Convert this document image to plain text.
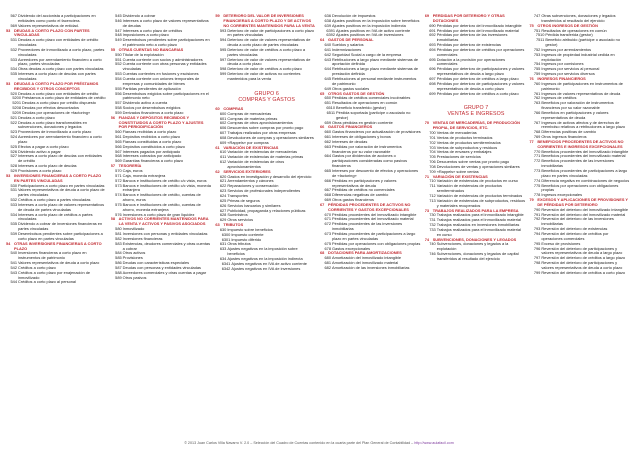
567 Dividendo del accionista a participaciones en entidades como punto el facenciera.
569 Valores representativos de entidad.
53 DEUDAS A CORTO PLAZO CON PARTES VINCULADAS
531 Deudas a corto plazo con entidades de crédito vinculadas
532 Proveedores de inmovilizado a corto plazo, partes vinculadas
533 Acreedores por arrendamiento financiero a corto plazo, partes vinculadas
534 Otras deudas a corto plazo con partes vinculadas
535 Intereses a corto plazo de deudas con partes vinculadas
53 DEUDAS A CORTO PLAZO POR PRÉSTAMOS RECIBIDOS Y OTROS CONCEPTOS
520 Deudas a corto plazo con entidades de crédito
5200 Préstamos a corto plazo de entidades de crédito
5201 Deudas a corto plazo por crédito dispuesto
5208 Deudas por efectos descontados
5209 Deudas por operaciones de «factoring»
521 Deudas a corto plazo
522 Deudas a corto plazo transformables en subvenciones, donaciones y legados
523 Proveedores de inmovilizado a corto plazo
524 Acreedores por arrendamiento financiero a corto plazo
525 Efectos a pagar a corto plazo
526 Dividendo activo a pagar
527 Intereses a corto plazo de deudas con entidades de crédito
528 Intereses a corto plazo de deudas
529 Provisiones a corto plazo
53 INVERSIONES FINANCIERAS A CORTO PLAZO EN PARTES VINCULADAS
530 Participaciones a corto plazo en partes vinculadas
531 Valores representativos de deuda a corto plazo de partes vinculadas
532 Créditos a corto plazo a partes vinculadas
533 Intereses a corto plazo de valores representativos de deuda de partes vinculadas
534 Intereses a corto plazo de créditos a partes vinculadas
535 Dividendo a cobrar de inversiones financieras en partes vinculadas
539 Desembolsos pendientes sobre participaciones a corto plazo en partes vinculadas
54 OTRAS INVERSIONES FINANCIERAS A CORTO PLAZO
540 Inversiones financieras a corto plazo en instrumentos de patrimonio
541 Valores representativos de deuda a corto plazo
542 Créditos a corto plazo
543 Créditos a corto plazo por enajenación de inmovilizado
544 Créditos a corto plazo al personal
545 Dividendo a cobrar
546 Intereses a corto plazo de valores representativos de deudas
547 Intereses a corto plazo de créditos
548 Imposiciones a corto plazo
549 Desembolsos pendientes sobre participaciones en el patrimonio neto a corto plazo
55 OTRAS CUENTAS NO BANCARIAS
550 Titular de la explotación
551 Cuenta corriente con socios y administradores
552 Cuenta corriente con otras personas y entidades vinculadas
553 Cuentas corrientes en fusiones y escisiones
554 Cuenta corriente con uniones temporales de empresas y comunidades de bienes
555 Partidas pendientes de aplicación
556 Desembolsos exigidos sobre participaciones en el patrimonio neto
557 Dividendo activo a cuenta
558 Socios por desembolsos exigidos
559 Derivados financieros a corto plazo
56 FIANZAS Y DEPÓSITOS RECIBIDOS Y CONSTITUIDOS A CORTO PLAZO Y AJUSTES POR PERIODIFICACIÓN
560 Fianzas recibidas a corto plazo
561 Depósitos recibidos a corto plazo
565 Fianzas constituidas a corto plazo
566 Depósitos constituidos a corto plazo
567 Intereses pagados por anticipado
568 Intereses cobrados por anticipado
569 Garantías financieras a corto plazo
57 TESORERÍA
570 Caja, euros
571 Caja, moneda extranjera
572 Bancos e instituciones de crédito c/c vista, euros
573 Bancos e instituciones de crédito c/c vista, moneda extranjera
574 Bancos e instituciones de crédito, cuentas de ahorro, euros
575 Bancos e instituciones de crédito, cuentas de ahorro, moneda extranjera
576 Inversiones a corto plazo de gran liquidez
58 ACTIVOS NO CORRIENTES MANTENIDOS PARA LA VENTA Y ACTIVOS Y PASIVOS ASOCIADOS
580 Inmovilizado
581 Inversiones con personas y entidades vinculadas
582 Inversiones financieras
583 Existencias, deudores comerciales y otras cuentas a cobrar
584 Otros activos
585 Provisiones
586 Deudas con características especiales
587 Deudas con personas y entidades vinculadas
588 Acreedores comerciales y otras cuentas a pagar
589 Otros pasivos
59 DETERIORO DEL VALOR DE INVERSIONES FINANCIERAS A CORTO PLAZO Y DE ACTIVOS NO CORRIENTES MANTENIDOS PARA LA VENTA
593 Deterioro de valor de participaciones a corto plazo en partes vinculadas
594 Deterioro de valor de valores representativos de deuda a corto plazo de partes vinculadas
595 Deterioro de valor de créditos a corto plazo a partes vinculadas
597 Deterioro de valor de valores representativos de deuda a corto plazo
598 Deterioro de valor de créditos a corto plazo
599 Deterioro de valor de activos no corrientes mantenidos para la venta
GRUPO 6
COMPRAS Y GASTOS
60 COMPRAS
600 Compras de mercaderías
601 Compras de materias primas
602 Compras de otros aprovisionamientos
606 Descuentos sobre compras por pronto pago
607 Trabajos realizados por otras empresas
608 Devoluciones de compras y operaciones similares
609 «Rappels» por compras
61 VARIACIÓN DE EXISTENCIAS
610 Variación de existencias de mercaderías
611 Variación de existencias de materias primas
612 Variación de existencias de otros aprovisionamientos
62 SERVICIOS EXTERIORES
620 Gastos en investigación y desarrollo del ejercicio
621 Arrendamientos y cánones
622 Reparaciones y conservación
623 Servicios de profesionales independientes
624 Transportes
625 Primas de seguros
626 Servicios bancarios y similares
627 Publicidad, propaganda y relaciones públicas
628 Suministros
629 Otros servicios
63 TRIBUTOS
630 Impuesto sobre beneficios
6300 Impuesto corriente
6301 Impuesto diferido
631 Otros tributos
633 Ajustes negativos en la imposición sobre beneficios
634 Ajustes negativos en la imposición indirecta
6341 Ajustes negativos en IVA de activo corriente
6342 Ajustes negativos en IVA de inversiones
636 Devolución de impuestos
638 Ajustes positivos en la imposición sobre beneficios
639 Ajustes positivos en la imposición indirecta
6391 Ajustes positivos en IVA de activo corriente
6392 Ajustes positivos en IVA de inversiones
64 GASTOS DE PERSONAL
640 Sueldos y salarios
641 Indemnizaciones
642 Seguridad Social a cargo de la empresa
643 Retribuciones a largo plazo mediante sistemas de aportación definida
644 Retribuciones a largo plazo mediante sistemas de prestación definida
645 Retribuciones al personal mediante instrumentos de patrimonio
649 Otros gastos sociales
65 OTROS GASTOS DE GESTIÓN
650 Pérdidas de créditos comerciales incobrables
651 Resultados de operaciones en común
6510 Beneficio transferido (gestor)
6511 Pérdida soportada (partícipe o asociado no gestor)
659 Otras pérdidas en gestión corriente
66 GASTOS FINANCIEROS
660 Gastos financieros por actualización de provisiones
661 Intereses de obligaciones y bonos
662 Intereses de deudas
663 Pérdidas por valoración de instrumentos financieros por su valor razonable
664 Gastos por dividendos de acciones o participaciones consideradas como pasivos financieros
665 Intereses por descuento de efectos y operaciones de «factoring»
666 Pérdidas en participaciones y valores representativos de deuda
667 Pérdidas de créditos no comerciales
668 Diferencias negativas de cambio
669 Otros gastos financieros
67 PÉRDIDAS PROCEDENTES DE ACTIVOS NO CORRIENTES Y GASTOS EXCEPCIONALES
670 Pérdidas procedentes del inmovilizado intangible
671 Pérdidas procedentes del inmovilizado material
672 Pérdidas procedentes de las inversiones inmobiliarias
673 Pérdidas procedentes de participaciones a largo plazo en partes vinculadas
675 Pérdidas por operaciones con obligaciones propias
678 Gastos excepcionales
68 DOTACIONES PARA AMORTIZACIONES
680 Amortización del inmovilizado intangible
681 Amortización del inmovilizado material
682 Amortización de las inversiones inmobiliarias
69 PÉRDIDAS POR DETERIORO Y OTRAS DOTACIONES
690 Pérdidas por deterioro del inmovilizado intangible
691 Pérdidas por deterioro del inmovilizado material
692 Pérdidas por deterioro de las inversiones inmobiliarias
693 Pérdidas por deterioro de existencias
694 Pérdidas por deterioro de créditos por operaciones comerciales
695 Dotación a la provisión por operaciones comerciales
696 Pérdidas por deterioro de participaciones y valores representativos de deuda a largo plazo
697 Pérdidas por deterioro de créditos a largo plazo
698 Pérdidas por deterioro de participaciones y valores representativos de deuda a corto plazo
699 Pérdidas por deterioro de créditos a corto plazo
GRUPO 7
VENTAS E INGRESOS
70 VENTAS DE MERCADERÍAS, DE PRODUCCIÓN PROPIA, DE SERVICIOS, ETC.
700 Ventas de mercaderías
701 Ventas de productos terminados
702 Ventas de productos semiterminados
703 Ventas de subproductos y residuos
704 Ventas de envases y embalajes
705 Prestaciones de servicios
706 Descuentos sobre ventas por pronto pago
708 Devoluciones de ventas y operaciones similares
709 «Rappels» sobre ventas
71 VARIACIÓN DE EXISTENCIAS
710 Variación de existencias de productos en curso
711 Variación de existencias de productos semiterminados
712 Variación de existencias de productos terminados
713 Variación de existencias de subproductos, residuos y materiales recuperados
73 TRABAJOS REALIZADOS PARA LA EMPRESA
730 Trabajos realizados para el inmovilizado intangible
731 Trabajos realizados para el inmovilizado material
732 Trabajos realizados en inversiones inmobiliarias
733 Trabajos realizados para el inmovilizado material en curso
74 SUBVENCIONES, DONACIONES Y LEGADOS
740 Subvenciones, donaciones y legados a la explotación
746 Subvenciones, donaciones y legados de capital transferidos al resultado del ejercicio
747 Otras subvenciones, donaciones y legados transferidos al resultado del ejercicio
75 OTROS INGRESOS DE GESTIÓN
751 Resultados de operaciones en común
7510 Pérdida transferida (gestor)
7511 Beneficio atribuido (partícipe o asociado no gestor)
752 Ingresos por arrendamientos
753 Ingresos de propiedad industrial cedida en explotación
754 Ingresos por comisiones
755 Ingresos por servicios al personal
759 Ingresos por servicios diversos
76 INGRESOS FINANCIEROS
760 Ingresos de participaciones en instrumentos de patrimonio
761 Ingresos de valores representativos de deuda
762 Ingresos de créditos
763 Beneficios por valoración de instrumentos financieros por su valor razonable
766 Beneficios en participaciones y valores representativos de deuda
767 Ingresos de activos afectos y de derechos de reembolso relativos a retribuciones a largo plazo
768 Diferencias positivas de cambio
769 Otros ingresos financieros
77 BENEFICIOS PROCEDENTES DE ACTIVOS NO CORRIENTES E INGRESOS EXCEPCIONALES
770 Beneficios procedentes del inmovilizado intangible
771 Beneficios procedentes del inmovilizado material
772 Beneficios procedentes de las inversiones inmobiliarias
773 Beneficios procedentes de participaciones a largo plazo en partes vinculadas
774 Diferencia negativa en combinaciones de negocios
775 Beneficios por operaciones con obligaciones propias
778 Ingresos excepcionales
79 EXCESOS Y APLICACIONES DE PROVISIONES Y DE PÉRDIDAS POR DETERIORO
790 Reversión del deterioro del inmovilizado intangible
791 Reversión del deterioro del inmovilizado material
792 Reversión del deterioro de las inversiones inmobiliarias
793 Reversión del deterioro de existencias
794 Reversión del deterioro de créditos por operaciones comerciales
795 Exceso de provisiones
796 Reversión del deterioro de participaciones y valores representativos de deuda a largo plazo
797 Reversión del deterioro de créditos a largo plazo
798 Reversión del deterioro de participaciones y valores representativos de deuda a corto plazo
799 Reversión del deterioro de créditos a corto plazo
© 2013 Juan Carlos Villa Navarro V. 2.0 – Selección del Cuadro de Cuentas contenido en la cuarta parte del Plan General de Contabilidad – http://www.aulafacil.com
